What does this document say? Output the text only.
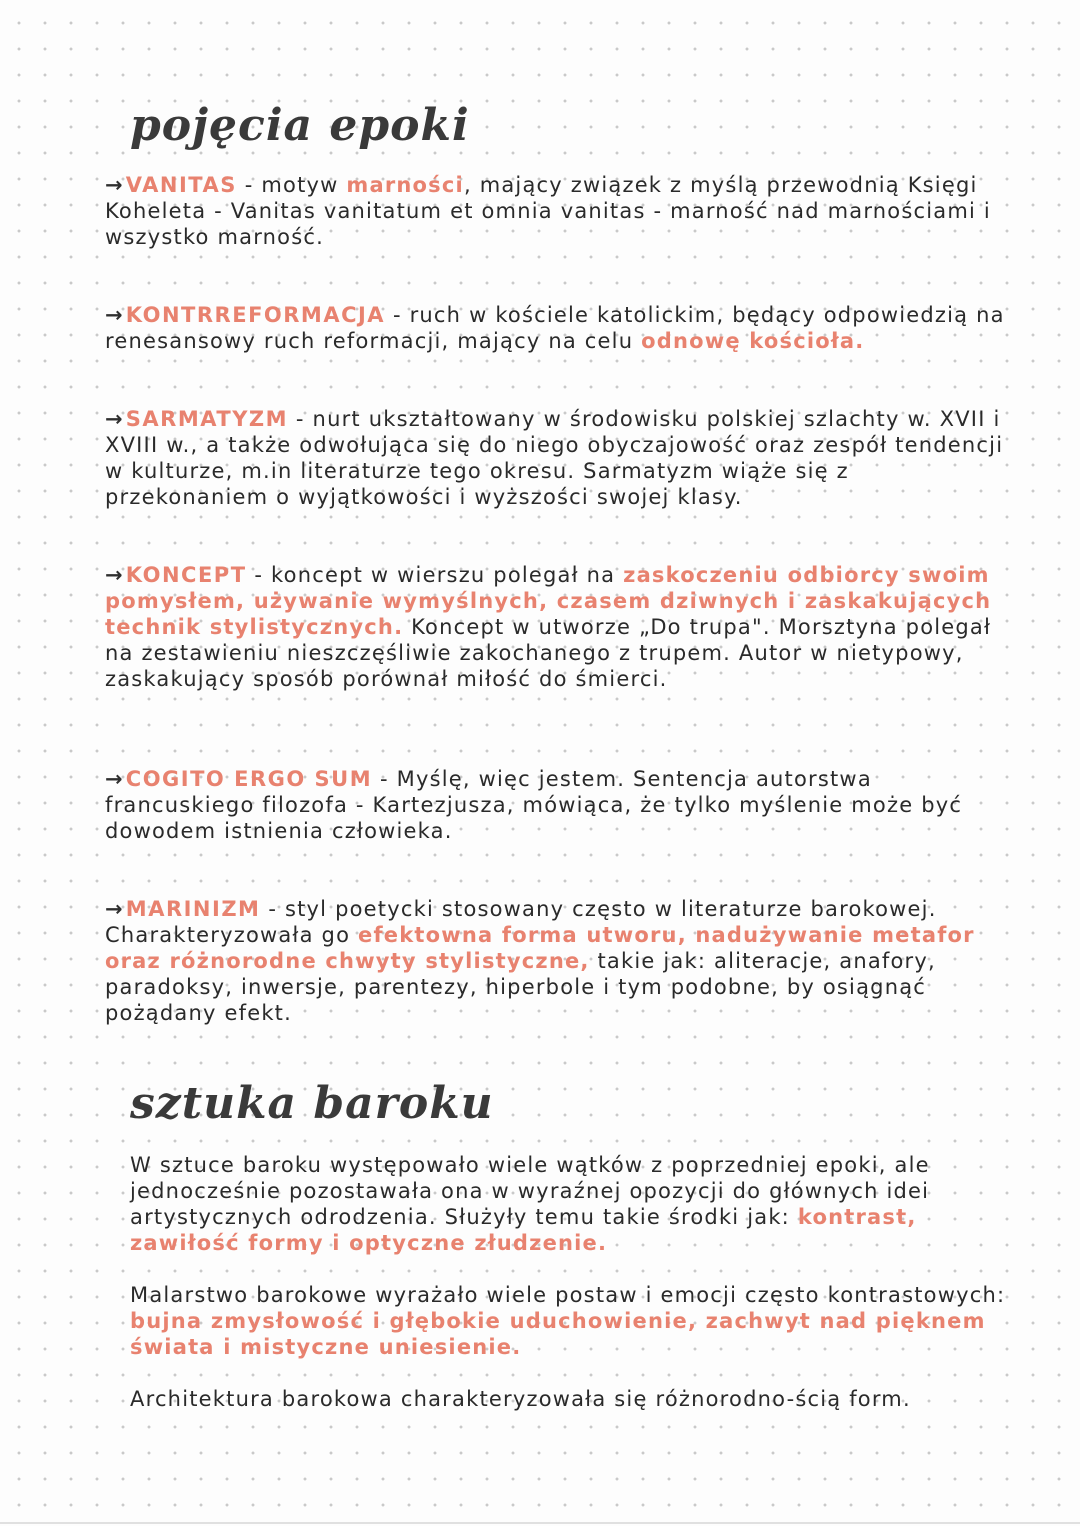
pojęcia epoki

→VANITAS - motyw marności, mający związek z myślą przewodnią Księgi Koheleta - Vanitas vanitatum et omnia vanitas - marność nad marnościami i wszystko marność.

→KONTRREFORMACJA - ruch w kościele katolickim, będący odpowiedzią na renesansowy ruch reformacji, mający na celu odnowę kościoła.

→SARMATYZM - nurt ukształtowany w środowisku polskiej szlachty w. XVII i XVIII w., a także odwołująca się do niego obyczajowość oraz zespół tendencji w kulturze, m.in literaturze tego okresu. Sarmatyzm wiąże się z przekonaniem o wyjątkowości i wyższości swojej klasy.

→KONCEPT - koncept w wierszu polegał na zaskoczeniu odbiorcy swoim pomysłem, używanie wymyślnych, czasem dziwnych i zaskakujących technik stylistycznych. Koncept w utworze „Do trupa". Morsztyna polegał na zestawieniu nieszczęśliwie zakochanego z trupem. Autor w nietypowy, zaskakujący sposób porównał miłość do śmierci.

→COGITO ERGO SUM - Myślę, więc jestem. Sentencja autorstwa francuskiego filozofa - Kartezjusza, mówiąca, że tylko myślenie może być dowodem istnienia człowieka.

→MARINIZM - styl poetycki stosowany często w literaturze barokowej. Charakteryzowała go efektowna forma utworu, nadużywanie metafor oraz różnorodne chwyty stylistyczne, takie jak: aliteracje, anafory, paradoksy, inwersje, parentezy, hiperbole i tym podobne, by osiągnąć pożądany efekt.

sztuka baroku

W sztuce baroku występowało wiele wątków z poprzedniej epoki, ale jednocześnie pozostawała ona w wyraźnej opozycji do głównych idei artystycznych odrodzenia. Służyły temu takie środki jak: kontrast, zawiłość formy i optyczne złudzenie.

Malarstwo barokowe wyrażało wiele postaw i emocji często kontrastowych: bujna zmysłowość i głębokie uduchowienie, zachwyt nad pięknem świata i mistyczne uniesienie.

Architektura barokowa charakteryzowała się różnorodno-ścią form.
